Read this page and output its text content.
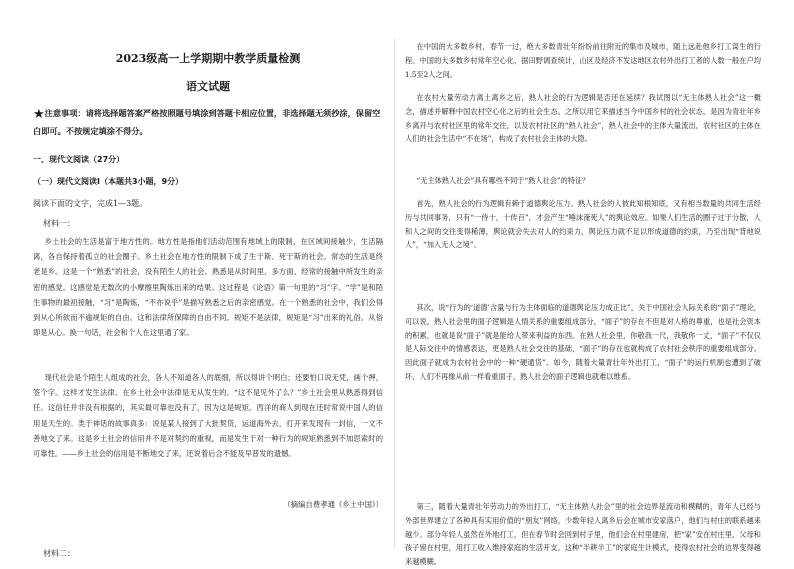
2023级高一上学期期中教学质量检测
语文试题
★注意事项：请将选择题答案严格按照题号填涂到答题卡相应位置，非选择题无须抄涂，保留空白即可。不按规定填涂不得分。
一、现代文阅读（27分）
（一）现代文阅读Ⅰ（本题共3小题，9分）
阅读下面的文字，完成1—3题。
材料一：

乡土社会的生活是富于地方性的。地方性是指他们活动范围有地域上的限制，在区域间接触少，生活隔离，各自保持着孤立的社会圈子。乡土社会在地方性的限制下成了生于斯、死于斯的社会。常态的生活是终老是乡。这是一个“熟悉”的社会，没有陌生人的社会。熟悉是从时间里、多方面、经常的接触中所发生的亲密的感觉。这感觉是无数次的小摩擦里陶炼出来的结果。这过程是《论语》第一句里的“习”字。“学”是和陌生事物的最初接触，“习”是陶炼，“不亦说乎”是描写熟悉之后的亲密感觉。在一个熟悉的社会中，我们会得到从心所欲而不逾规矩的自由。这和法律所保障的自由不同。规矩不是法律，规矩是“习”出来的礼俗。从俗即是从心。换一句话，社会和个人在这里通了家。

现代社会是个陌生人组成的社会，各人不知道各人的底细，所以得讲个明白；还要怕口说无凭，画个押，签个字。这样才发生法律。在乡土社会中法律是无从发生的。“这不是见外了么？”乡土社会里从熟悉得到信任。这信任并非没有根据的，其实最可靠也没有了，因为这是规矩。西洋的商人到现在还时常说中国人的信用是天生的。类于神话的故事真多：说是某人接到了大批契货，运道海外去，打开来发现有一封信，一文不善地交了来。这是乡土社会的信用并不是对契约的重视，而是发生于对一种行为的规矩熟悉到不加思索时的可靠性。——乡土社会的信用是不断地交了来，还说着后合不能及早普发的遗憾。

（摘编自费孝通《乡土中国》）
材料二：

在中国的大多数乡村，春节一过，绝大多数青壮年纷纷前往附近的集市及城市，随上远赴他乡打工谋生的行程。中国的大多数乡村常年空心化，据田野调查统计，山区及经济不发达地区农村外出打工者的人数一般在户均1.5至2人之间。

在农村大量劳动力离土离乡之后，熟人社会的行为逻辑是否还在延续？我试图以“无主体熟人社会”这一概念，描述并解释中国农村空心化之后的社会生态。之所以用它来描述当今中国乡村的社会状态，是因为青壮年乡乡离开与农村社区里的常年交往，以及农村社区的“熟人社会”，熟人社会中的主体大量流出，农村社区的主体在人们的社会生活中“不在场”，构成了农村社会主体的大隐。

“无主体熟人社会”具有哪些不同于“熟人社会”的特征？

首先，熟人社会的行为逻辑有赖于道德舆论压力。熟人社会的人彼此知根知底，又有相当数量的共同生活经历与共同事务，只有“一侍十，十传百”，才会产生“唾沫淹死人”的舆论效应。如果人们生活的圈子过于分散，人和人之间的交往变得稀薄，舆论就会失去对人的约束力，舆论压力就不足以形成道德的约束，乃至出现“背地说人”，“加入无人之境”。

其次，说“行为的‘道德’含量与行为主体面临的道德舆论压力成正比”，关于中国社会人际关系的“面子”理论，可以说，熟人社会里的面子逻辑是人情关系的重要组成部分，“面子”的存在不但是对人格的尊重，也是社会资本的积累，也就是说“面子”就是能给人带来利益的东西。在熟人社会里，你敬我一尺，我敬你一丈，“面子”不仅仅是人际交往中的情感表达，更是熟人社会交往的基础，“面子”的存在也就构成了农村社会秩序的重要组成部分。因此面子就成为农村社会中的一种“硬通货”。如今，随着大量青壮年外出打工，“面子”的运行机制也遭到了破坏，人们不再像从前一样看重面子，熟人社会的面子逻辑也就难以维系。

第三，随着大量青壮年劳动力的外出打工，“无主体熟人社会”里的社会边界是流动和模糊的，青年人已经与外部世界建立了各种具有实用价值的“朋友”网络，少数年轻人离乡后会在城市安家落户，他们与村庄的联系越来越少。部分年轻人虽然在外地打工，但在春节时会回到村子里，他们会在村里建房，把“家”安在村庄里，父母和孩子留在村里，用打工收入维持家庭的生活开支。这种“半耕半工”的家庭生计模式，使得农村社会的边界变得越来越模糊。
